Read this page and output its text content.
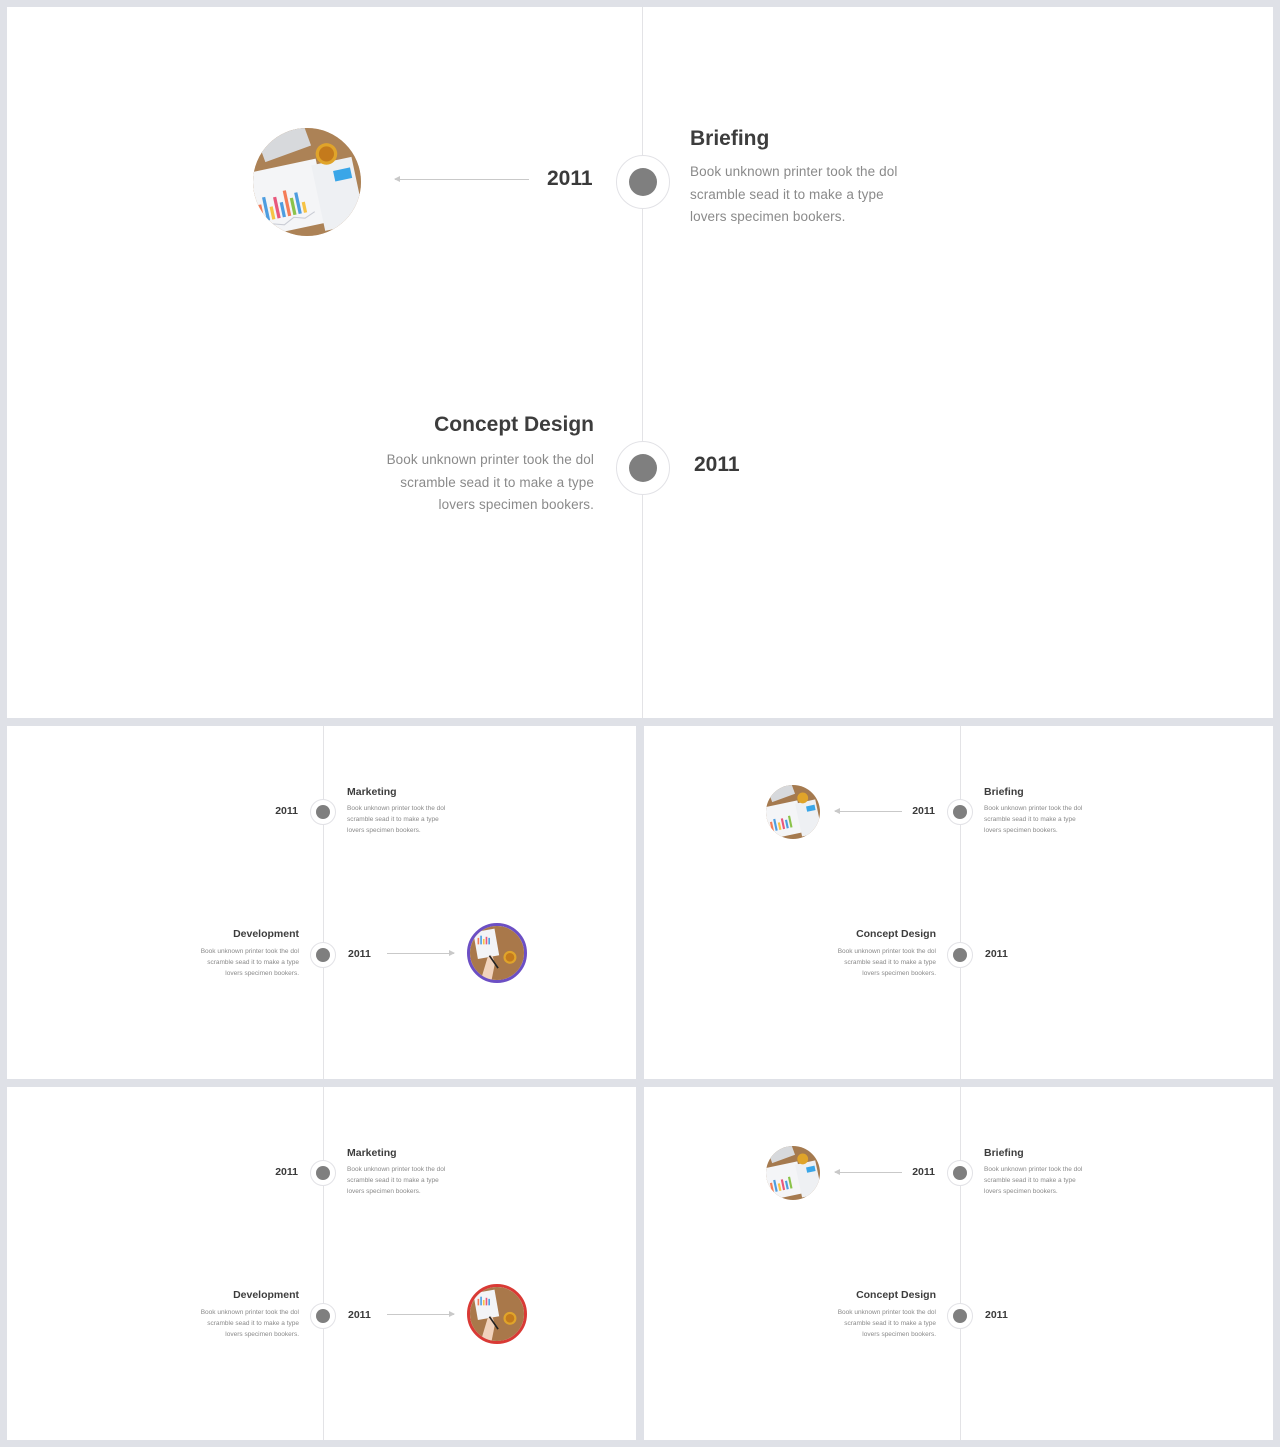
2011
Briefing
Book unknown printer took the dol
scramble sead it to make a type
lovers specimen bookers.
Concept Design
Book unknown printer took the dol
scramble sead it to make a type
lovers specimen bookers.
2011
2011
Marketing
Book unknown printer took the dol
scramble sead it to make a type
lovers specimen bookers.
Development
Book unknown printer took the dol
scramble sead it to make a type
lovers specimen bookers.
2011
2011
Briefing
Book unknown printer took the dol
scramble sead it to make a type
lovers specimen bookers.
Concept Design
Book unknown printer took the dol
scramble sead it to make a type
lovers specimen bookers.
2011
2011
Marketing
Book unknown printer took the dol
scramble sead it to make a type
lovers specimen bookers.
Development
Book unknown printer took the dol
scramble sead it to make a type
lovers specimen bookers.
2011
2011
Briefing
Book unknown printer took the dol
scramble sead it to make a type
lovers specimen bookers.
Concept Design
Book unknown printer took the dol
scramble sead it to make a type
lovers specimen bookers.
2011
